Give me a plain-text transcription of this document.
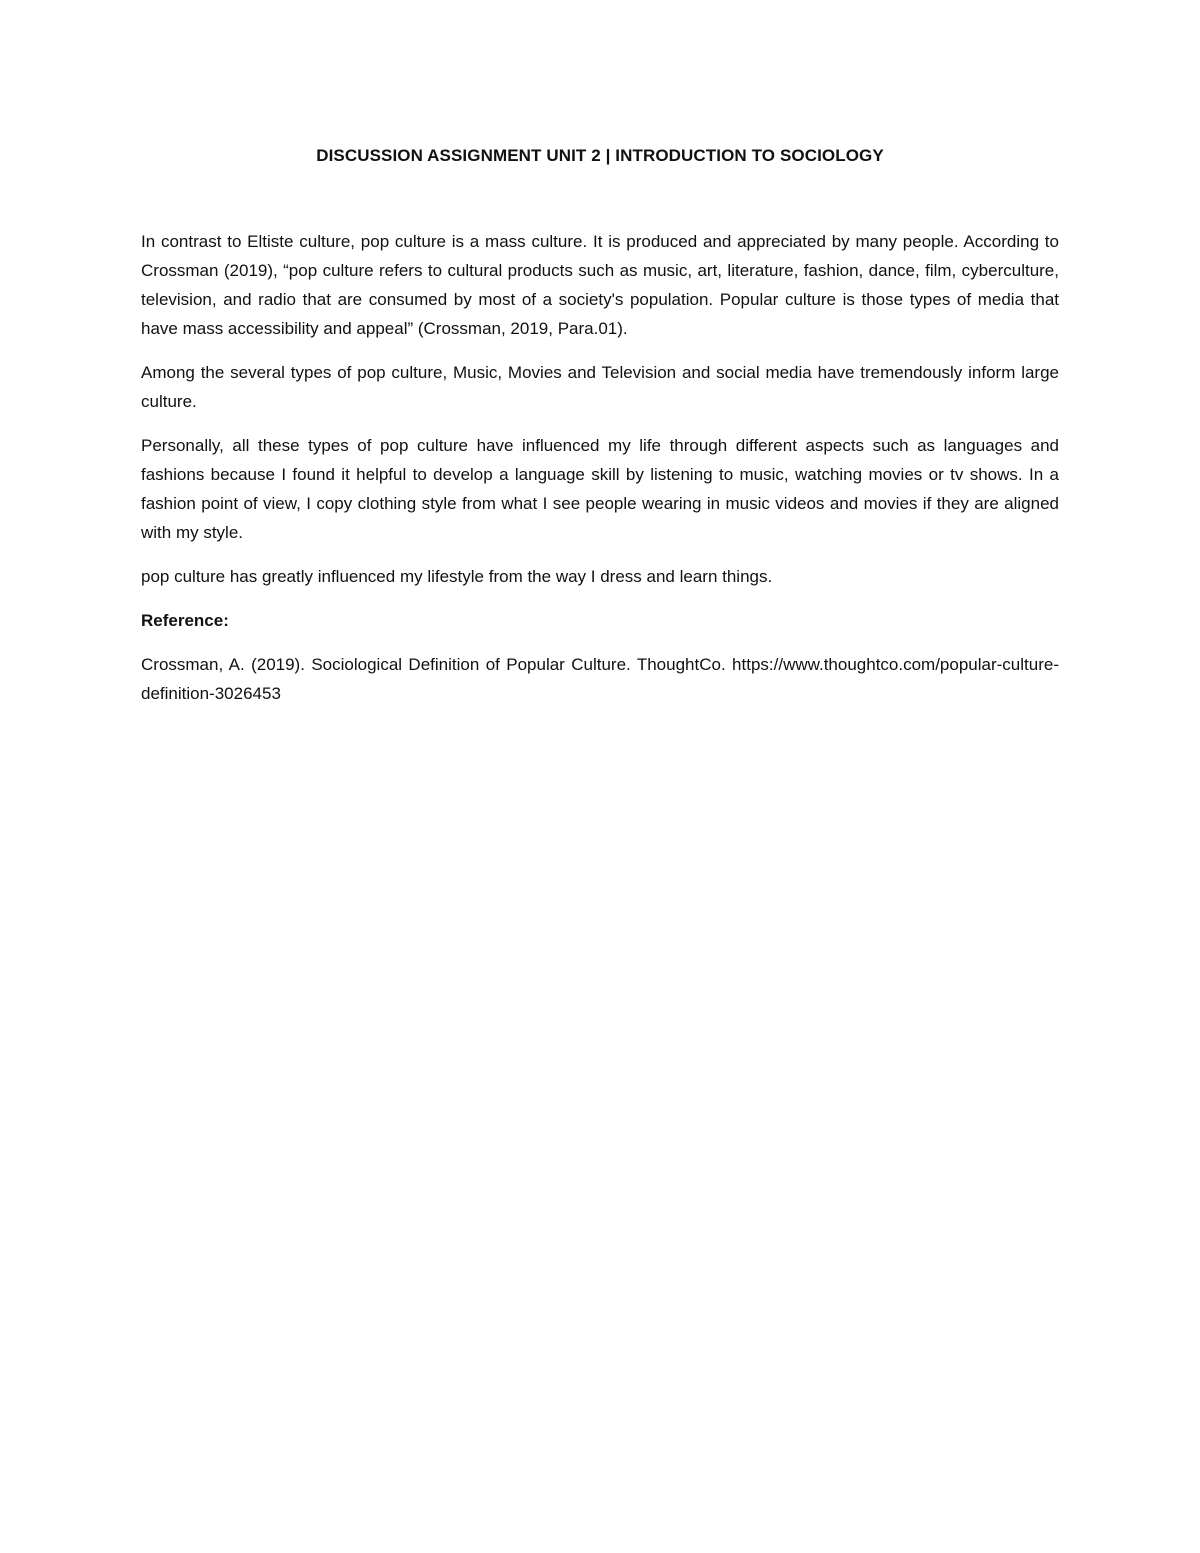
DISCUSSION ASSIGNMENT UNIT 2 | INTRODUCTION TO SOCIOLOGY

In contrast to Eltiste culture, pop culture is a mass culture. It is produced and appreciated by many people. According to Crossman (2019), “pop culture refers to cultural products such as music, art, literature, fashion, dance, film, cyberculture, television, and radio that are consumed by most of a society's population. Popular culture is those types of media that have mass accessibility and appeal” (Crossman, 2019, Para.01).

Among the several types of pop culture, Music, Movies and Television and social media have tremendously inform large culture.

Personally, all these types of pop culture have influenced my life through different aspects such as languages and fashions because I found it helpful to develop a language skill by listening to music, watching movies or tv shows. In a fashion point of view, I copy clothing style from what I see people wearing in music videos and movies if they are aligned with my style.

pop culture has greatly influenced my lifestyle from the way I dress and learn things.

Reference:

Crossman, A. (2019). Sociological Definition of Popular Culture. ThoughtCo. https://www.thoughtco.com/popular-culture-definition-3026453
